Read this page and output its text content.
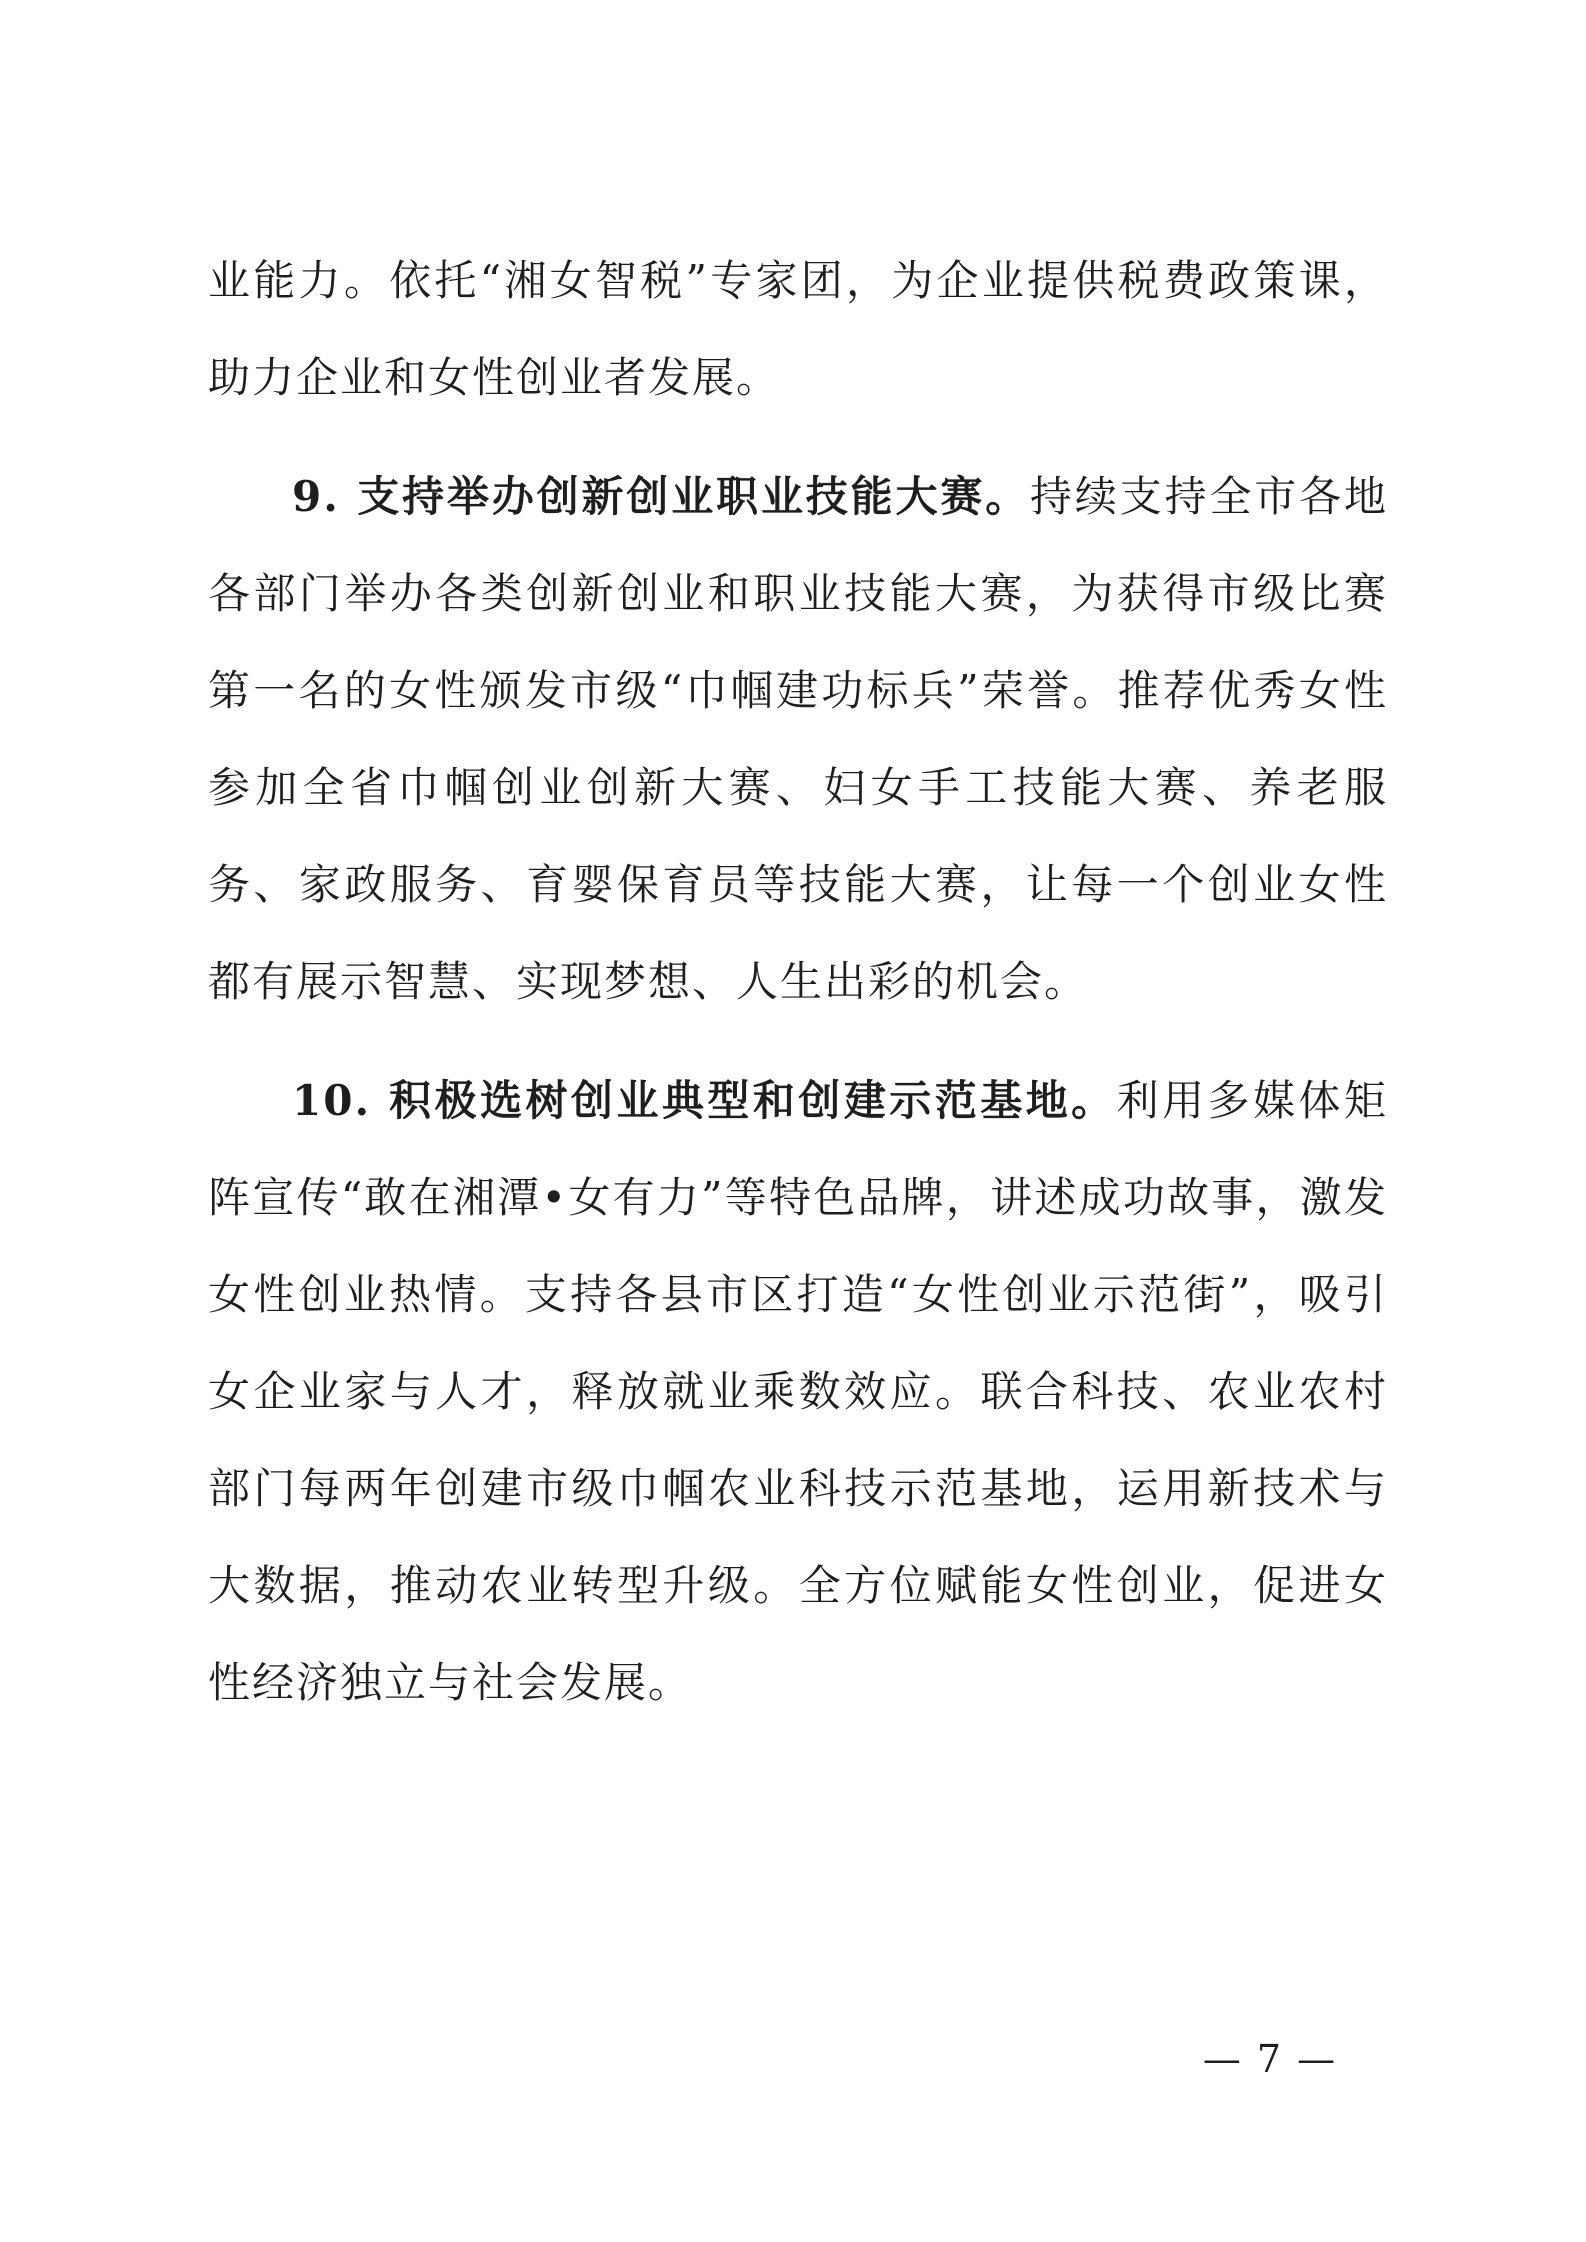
业能力。依托“湘女智税”专家团，为企业提供税费政策课，助力企业和女性创业者发展。

9. 支持举办创新创业职业技能大赛。持续支持全市各地各部门举办各类创新创业和职业技能大赛，为获得市级比赛第一名的女性颁发市级“巾帼建功标兵”荣誉。推荐优秀女性参加全省巾帼创业创新大赛、妇女手工技能大赛、养老服务、家政服务、育婴保育员等技能大赛，让每一个创业女性都有展示智慧、实现梦想、人生出彩的机会。

10. 积极选树创业典型和创建示范基地。利用多媒体矩阵宣传“敢在湘潭•女有力”等特色品牌，讲述成功故事，激发女性创业热情。支持各县市区打造“女性创业示范街”，吸引女企业家与人才，释放就业乘数效应。联合科技、农业农村部门每两年创建市级巾帼农业科技示范基地，运用新技术与大数据，推动农业转型升级。全方位赋能女性创业，促进女性经济独立与社会发展。

— 7 —
